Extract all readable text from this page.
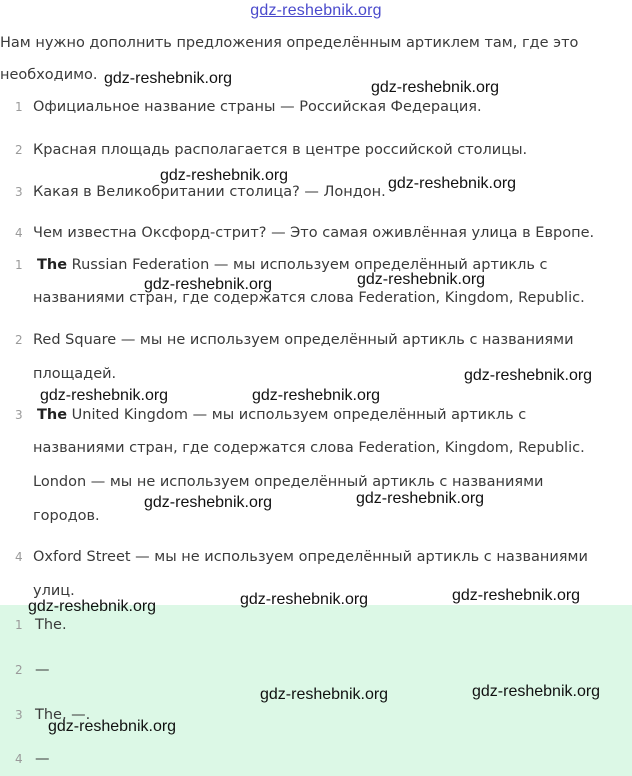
gdz-reshebnik.org
Нам нужно дополнить предложения определённым артиклем там, где это
необходимо.
1 Официальное название страны — Российская Федерация.
2 Красная площадь располагается в центре российской столицы.
3 Какая в Великобритании столица? — Лондон.
4 Чем известна Оксфорд-стрит? — Это самая оживлённая улица в Европе.
1 The Russian Federation — мы используем определённый артикль с
названиями стран, где содержатся слова Federation, Kingdom, Republic.
2 Red Square — мы не используем определённый артикль с названиями
площадей.
3 The United Kingdom — мы используем определённый артикль с
названиями стран, где содержатся слова Federation, Kingdom, Republic.
London — мы не используем определённый артикль с названиями
городов.
4 Oxford Street — мы не используем определённый артикль с названиями
улиц.
1 The.
2 —
3 The, —.
4 —
gdz-reshebnik.org
gdz-reshebnik.org
gdz-reshebnik.org	gdz-reshebnik.org
gdz-reshebnik.org
gdz-reshebnik.org
gdz-reshebnik.org
gdz-reshebnik.org	gdz-reshebnik.org
gdz-reshebnik.org
gdz-reshebnik.org
gdz-reshebnik.org
gdz-reshebnik.org
gdz-reshebnik.org
gdz-reshebnik.org
gdz-reshebnik.org
gdz-reshebnik.org
